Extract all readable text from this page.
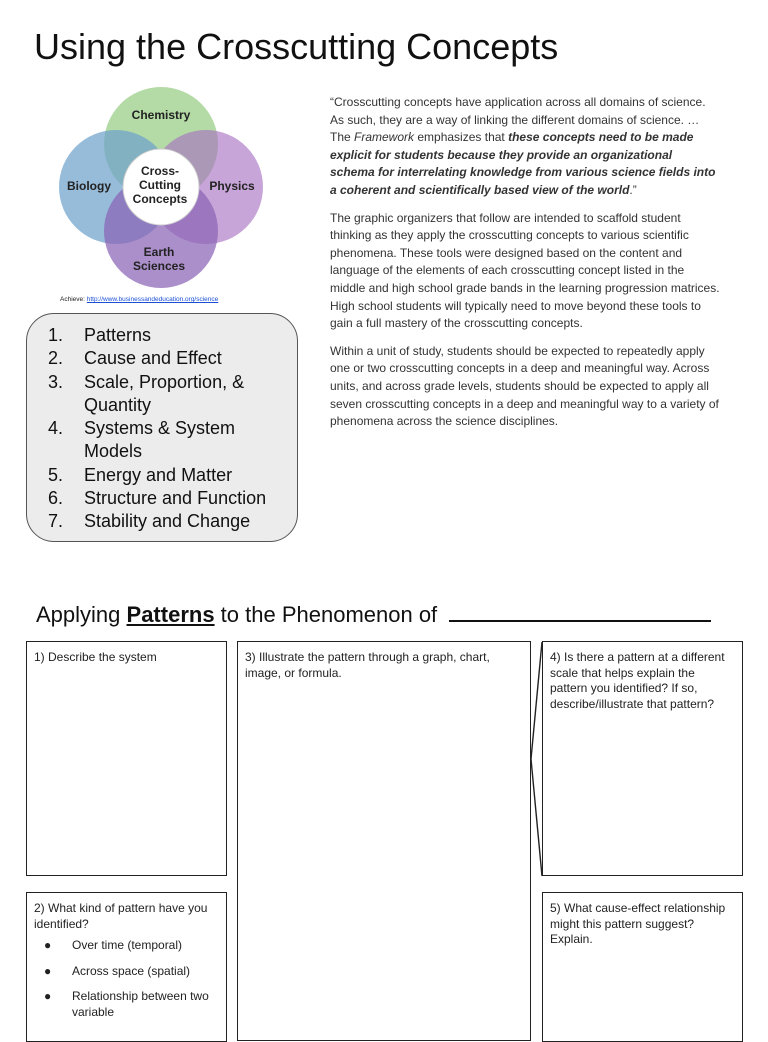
Using the Crosscutting Concepts
Chemistry
Biology	Physics
Cross-
Cutting
Concepts
Earth
Sciences
Achieve: http://www.businessandeducation.org/science
1. Patterns
2. Cause and Effect
3. Scale, Proportion, &
Quantity
4. Systems & System
Models
5. Energy and Matter
6. Structure and Function
7. Stability and Change

“Crosscutting concepts have application across all domains of science. As such, they are a way of linking the different domains of science. … The Framework emphasizes that these concepts need to be made explicit for students because they provide an organizational schema for interrelating knowledge from various science fields into a coherent and scientifically based view of the world.”

The graphic organizers that follow are intended to scaffold student thinking as they apply the crosscutting concepts to various scientific phenomena. These tools were designed based on the content and language of the elements of each crosscutting concept listed in the middle and high school grade bands in the learning progression matrices. High school students will typically need to move beyond these tools to gain a full mastery of the crosscutting concepts.

Within a unit of study, students should be expected to repeatedly apply one or two crosscutting concepts in a deep and meaningful way. Across units, and across grade levels, students should be expected to apply all seven crosscutting concepts in a deep and meaningful way to a variety of phenomena across the science disciplines.

Applying Patterns to the Phenomenon of
1) Describe the system
2) What kind of pattern have you identified?
● Over time (temporal)
● Across space (spatial)
● Relationship between two variable
3) Illustrate the pattern through a graph, chart, image, or formula.
4) Is there a pattern at a different scale that helps explain the pattern you identified? If so, describe/illustrate that pattern?
5) What cause-effect relationship might this pattern suggest? Explain.
